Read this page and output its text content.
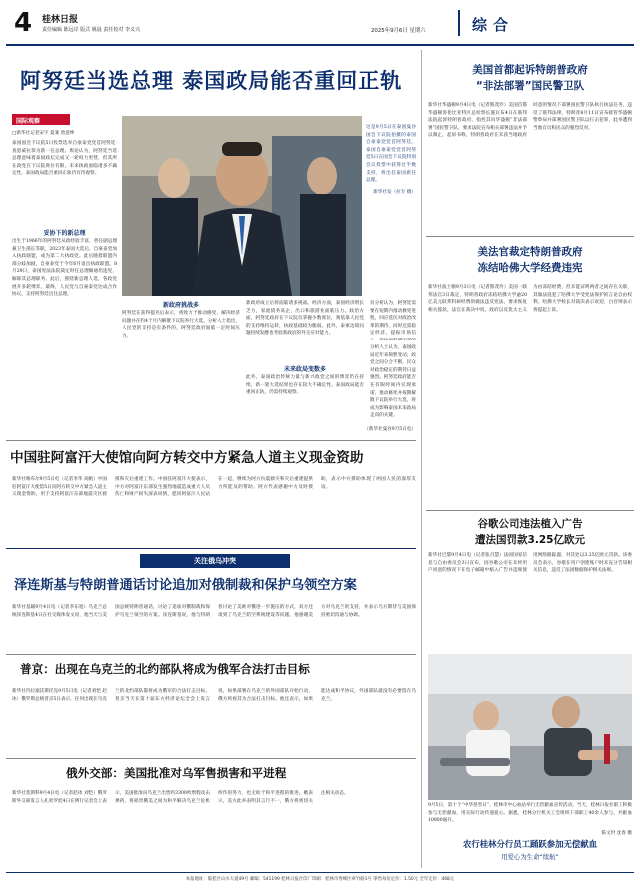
4 桂林日报
责任编辑 陈远岸 版式 姚晨 责任校对 李义兴	2025年9月6日 星期六	综合
阿努廷当选总理 泰国政局能否重回正轨
国际观察
□新华社记者宋宇 夏兼 唐意坤
泰国国会下议院5日投票选举自豪泰党党首阿努廷·查恩威拉恭为新一任总理。舆论认为，阿努廷当选总理意味着泰国政坛完成又一轮权力更替，但其所在政党在下议院席位有限，未来执政面临诸多不确定性，泰国政局能否重回正轨仍有待观察。
妥协下的新总理
出生于1966年的阿努廷从政经验丰富，曾任副总理兼卫生部长等职。2023年泰国大选后，自豪泰党加入执政联盟，成为第二大执政党。此后随着联盟内部分歧加剧，自豪泰党于今年6月退出执政联盟。8月29日，泰国宪法法院裁定时任总理佩通坦违宪，解除其总理职务。此后，围绕新总理人选，各政党展开多轮博弈。最终，人民党与自豪泰党达成合作协议，支持阿努廷出任总理。
这是9月5日在泰国曼谷国会下议院拍摄的泰国自豪泰党党首阿努廷。泰国自豪泰党党首阿努廷5日在国会下议院特别会议投票中获得过半数支持，将出任泰国新任总理。
新华社发（拉专 摄）
新政府挑战多
阿努廷在获得提名后表示，将致力于推动修宪、解决经济问题并在约4个月内解散下议院举行大选。分析人士指出，人民党的支持是有条件的，阿努廷政府面临一定时间压力。
新政府成立后将面临诸多挑战。经济方面，泰国经济增长乏力，家庭债务高企，出口和旅游业面临压力。政治方面，阿努廷政府在下议院仅掌握少数席位，须依靠人民党的支持维持运转，执政基础较为脆弱。此外，泰柬边境问题持续发酵也考验新政府的外交应对能力。
有分析认为，阿努廷需要在短期内推动修宪进程，回应选民对政治改革的期待，同时还需稳定经济、提振市场信
未来政局变数多
分析人士认为，泰国政局近年来频繁变动，政党之间分合不断，民众对政治稳定的期待日益强烈。阿努廷政府能否在有限时间内兑现承诺，推动修宪并按期解散下议院举行大选，将成为影响泰国未来政局走向的关键。
此外，泰国政治传统力量与新兴政党之间的博弈仍在持续，新一轮大选结果也存在较大不确定性。泰国政局能否重回正轨，仍需持续观察。
（新华社曼谷9月5日电）
中国驻阿富汗大使馆向阿方转交中方紧急人道主义现金资助
新华社喀布尔9月5日电（记者李华 高帆）中国驻阿富汗大使馆5日向阿方转交中方紧急人道主义现金资助，用于支持阿富汗东部地震灾区救援和灾后重建工作。中国驻阿富汗大使表示，中方对阿富汗东部发生强烈地震造成重大人员伤亡和财产损失深表同情，愿同阿富汗人民站在一起，继续为阿方抗震救灾和灾后重建提供力所能及的帮助。阿方代表感谢中方及时援助，表示中方援助体现了两国人民的深厚友谊。
关注俄乌冲突
泽连斯基与特朗普通话讨论追加对俄制裁和保护乌领空方案
新华社基辅9月4日电（记者李东旭）乌克兰总统泽连斯基4日在社交媒体发文说，他当天与美国总统特朗普通话，讨论了追加对俄制裁和保护乌克兰领空的方案。泽连斯基说，他与特朗普讨论了美欧对俄进一步施压的方式，双方还谈到了乌克兰防空系统建设等问题。他感谢美方对乌克兰的支持，并表示乌方期待与美国保持密切沟通与协调。
普京：出现在乌克兰的北约部队将成为俄军合法打击目标
新华社符拉迪沃斯托克9月5日电（记者刘恺 赵冰）俄罗斯总统普京5日表示，任何出现在乌克兰的北约部队都将成为俄军的合法打击目标。普京当天在第十届东方经济论坛全会上发言说，如果部署在乌克兰的外国部队开始行动，俄方将视其为合法打击目标。他还表示，如果能达成和平协议，外国部队就没有必要留在乌克兰。
俄外交部：美国批准对乌军售损害和平进程
新华社莫斯科9月4日电（记者赵冰 刘恺）俄罗斯外交部发言人扎哈罗娃4日在例行记者会上表示，美国批准向乌克兰出售约3300枚增程攻击弹药，将损害俄美之间为和平解决乌克兰危机所作的努力，也无助于和平进程的推进。她表示，美方此举表明其言行不一，俄方将密切关注相关动态。
美国首都起诉特朗普政府
“非法部署”国民警卫队
新华社华盛顿9月4日电（记者熊茂伶）美国首都华盛顿哥伦比亚特区总检察长施瓦布4日在联邦法院起诉特朗普政府，指控其向华盛顿“非法部署”国民警卫队，要求法院宣布相关部署违法并予以制止。起诉书称，特朗普政府在未获当地政府同意的情况下部署国民警卫队执行执法任务，违反了联邦法律。特朗普8月11日宣布接管华盛顿警察局并部署国民警卫队以打击犯罪，此举遭到当地官员和民众的强烈反对。
美法官裁定特朗普政府
冻结哈佛大学经费违宪
新华社波士顿9月3日电（记者熊茂伶）美国一联邦法官3日裁定，特朗普政府冻结哈佛大学逾20亿美元联邦科研经费的做法违反宪法，要求恢复相关拨款。法官在裁决中说，政府以反犹太主义为由冻结经费，但未能证明两者之间存在关联，其做法侵犯了哈佛大学受宪法保护的言论自由权利。哈佛大学校长对裁决表示欢迎，白宫则表示将提起上诉。
谷歌公司违法植入广告
遭法国罚款3.25亿欧元
新华社巴黎9月4日电（记者张百慧）法国国家信息与自由委员会3日宣布，因谷歌公司在未经用户同意的情况下在电子邮箱中植入广告并违规使用网络跟踪器，对其处以3.25亿欧元罚款。该委员会表示，谷歌在用户创建账户时未充分告知相关信息，违反了法国数据保护相关法规。
9月5日，第十个“中华慈善日”，桂林市中心血站举行无偿献血宣传活动。当天，桂林日报社职工积极参与无偿献血，用实际行动传递爱心。据悉，桂林分行机关工会组织干部职工40余人参与，共献血10800毫升。
陈文世 沈春 摄
农行桂林分行员工踊跃参加无偿献血
用爱心为生命“续航”
本报地址：临桂区山水大道49号 邮编：541199 桂林日报社印厂印刷：桂林市秀峰区翠竹路1号 零售每份定价：1.50元 全年定价：468元
